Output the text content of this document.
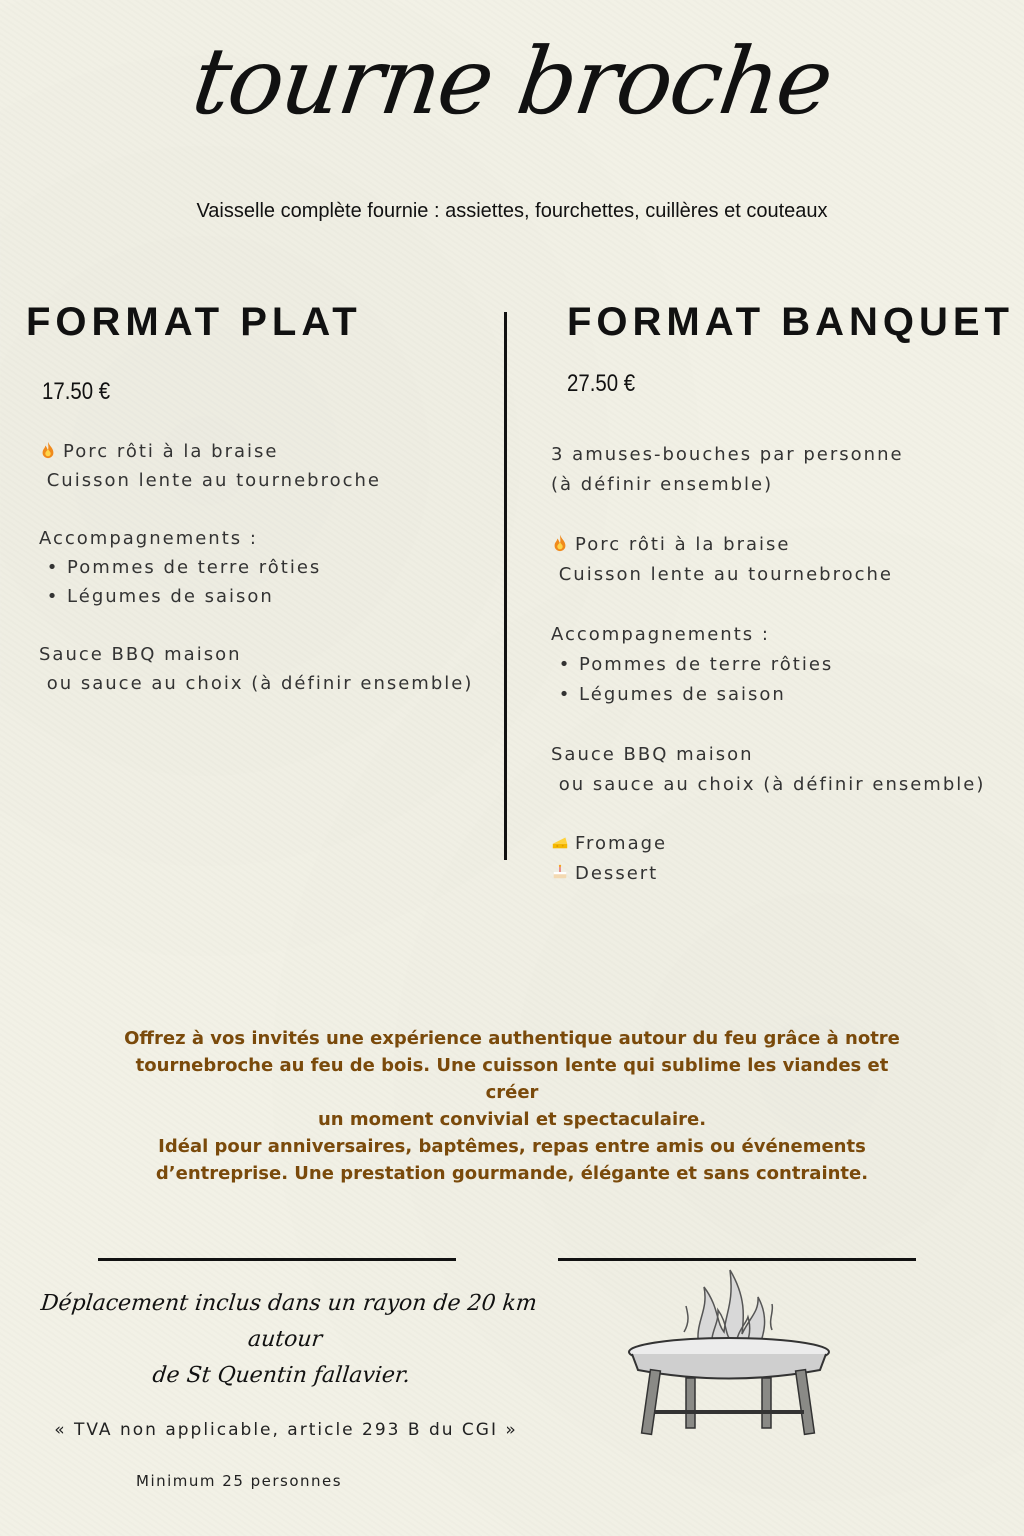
tourne broche
Vaisselle complète fournie : assiettes, fourchettes, cuillères et couteaux
FORMAT PLAT
17.50 €
Porc rôti à la braise
Cuisson lente au tournebroche
Accompagnements :
• Pommes de terre rôties
• Légumes de saison
Sauce BBQ maison
ou sauce au choix (à définir ensemble)
FORMAT BANQUET
27.50 €
3 amuses-bouches par personne
(à définir ensemble)
Porc rôti à la braise
Cuisson lente au tournebroche
Accompagnements :
• Pommes de terre rôties
• Légumes de saison
Sauce BBQ maison
ou sauce au choix (à définir ensemble)
Fromage
Dessert
Offrez à vos invités une expérience authentique autour du feu grâce à notre
tournebroche au feu de bois. Une cuisson lente qui sublime les viandes et créer
un moment convivial et spectaculaire.
Idéal pour anniversaires, baptêmes, repas entre amis ou événements
d’entreprise. Une prestation gourmande, élégante et sans contrainte.
Déplacement inclus dans un rayon de 20 km autour
de St Quentin fallavier.
« TVA non applicable, article 293 B du CGI »
Minimum 25 personnes
